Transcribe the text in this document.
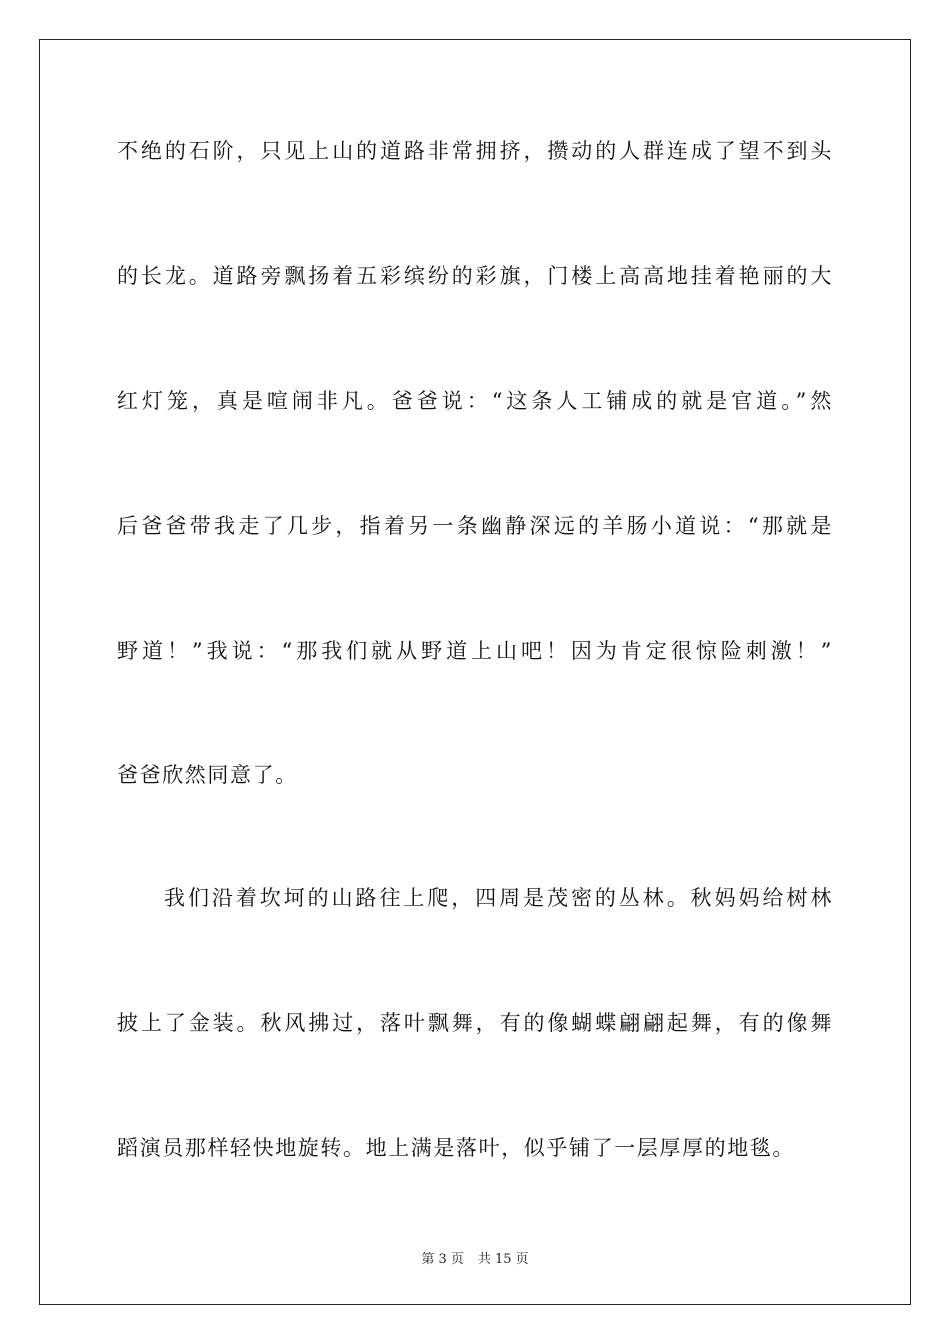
不绝的石阶，只见上山的道路非常拥挤，攒动的人群连成了望不到头
的长龙。道路旁飘扬着五彩缤纷的彩旗，门楼上高高地挂着艳丽的大
红灯笼，真是喧闹非凡。爸爸说：“这条人工铺成的就是官道。”然
后爸爸带我走了几步，指着另一条幽静深远的羊肠小道说：“那就是
野道！”我说：“那我们就从野道上山吧！因为肯定很惊险刺激！”
爸爸欣然同意了。
我们沿着坎坷的山路往上爬，四周是茂密的丛林。秋妈妈给树林
披上了金装。秋风拂过，落叶飘舞，有的像蝴蝶翩翩起舞，有的像舞
蹈演员那样轻快地旋转。地上满是落叶，似乎铺了一层厚厚的地毯。
第 3 页 共 15 页
